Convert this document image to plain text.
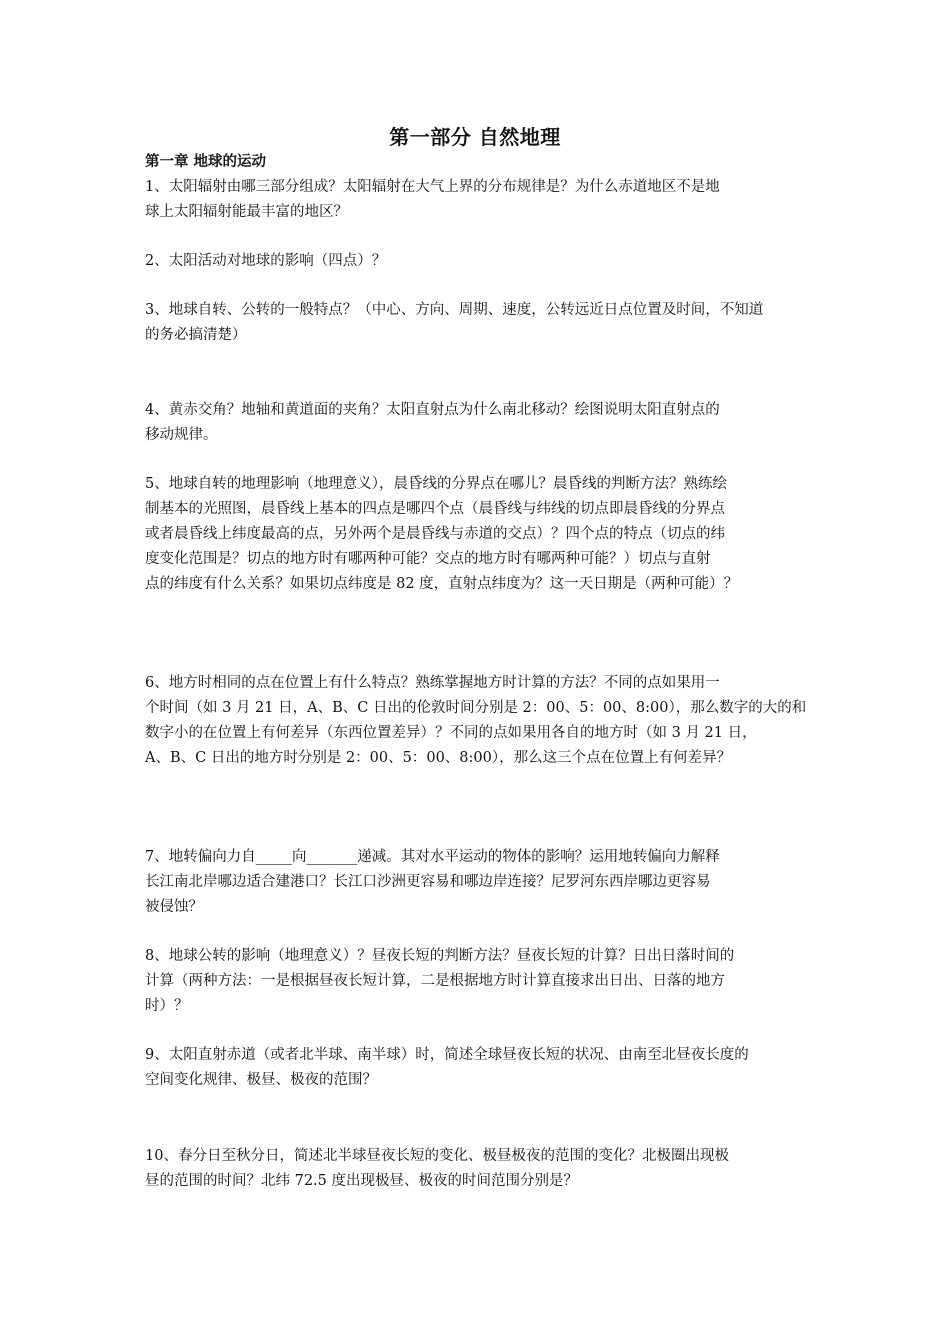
第一部分 自然地理
第一章 地球的运动
1、太阳辐射由哪三部分组成？太阳辐射在大气上界的分布规律是？为什么赤道地区不是地
球上太阳辐射能最丰富的地区？
2、太阳活动对地球的影响（四点）？
3、地球自转、公转的一般特点？（中心、方向、周期、速度，公转远近日点位置及时间，不知道
的务必搞清楚）
4、黄赤交角？地轴和黄道面的夹角？太阳直射点为什么南北移动？绘图说明太阳直射点的
移动规律。
5、地球自转的地理影响（地理意义），晨昏线的分界点在哪儿？晨昏线的判断方法？熟练绘
制基本的光照图，晨昏线上基本的四点是哪四个点（晨昏线与纬线的切点即晨昏线的分界点
或者晨昏线上纬度最高的点，另外两个是晨昏线与赤道的交点）？四个点的特点（切点的纬
度变化范围是？切点的地方时有哪两种可能？交点的地方时有哪两种可能？）切点与直射
点的纬度有什么关系？如果切点纬度是 82 度，直射点纬度为？这一天日期是（两种可能）？
6、地方时相同的点在位置上有什么特点？熟练掌握地方时计算的方法？不同的点如果用一
个时间（如 3 月 21 日，A、B、C 日出的伦敦时间分别是 2：00、5：00、8:00），那么数字的大的和
数字小的在位置上有何差异（东西位置差异）？不同的点如果用各自的地方时（如 3 月 21 日，
A、B、C 日出的地方时分别是 2：00、5：00、8:00），那么这三个点在位置上有何差异？
7、地转偏向力自_____向_______递减。其对水平运动的物体的影响？运用地转偏向力解释
长江南北岸哪边适合建港口？长江口沙洲更容易和哪边岸连接？尼罗河东西岸哪边更容易
被侵蚀？
8、地球公转的影响（地理意义）？昼夜长短的判断方法？昼夜长短的计算？日出日落时间的
计算（两种方法：一是根据昼夜长短计算，二是根据地方时计算直接求出日出、日落的地方
时）？
9、太阳直射赤道（或者北半球、南半球）时，简述全球昼夜长短的状况、由南至北昼夜长度的
空间变化规律、极昼、极夜的范围？
10、春分日至秋分日，简述北半球昼夜长短的变化、极昼极夜的范围的变化？北极圈出现极
昼的范围的时间？北纬 72.5 度出现极昼、极夜的时间范围分别是？
